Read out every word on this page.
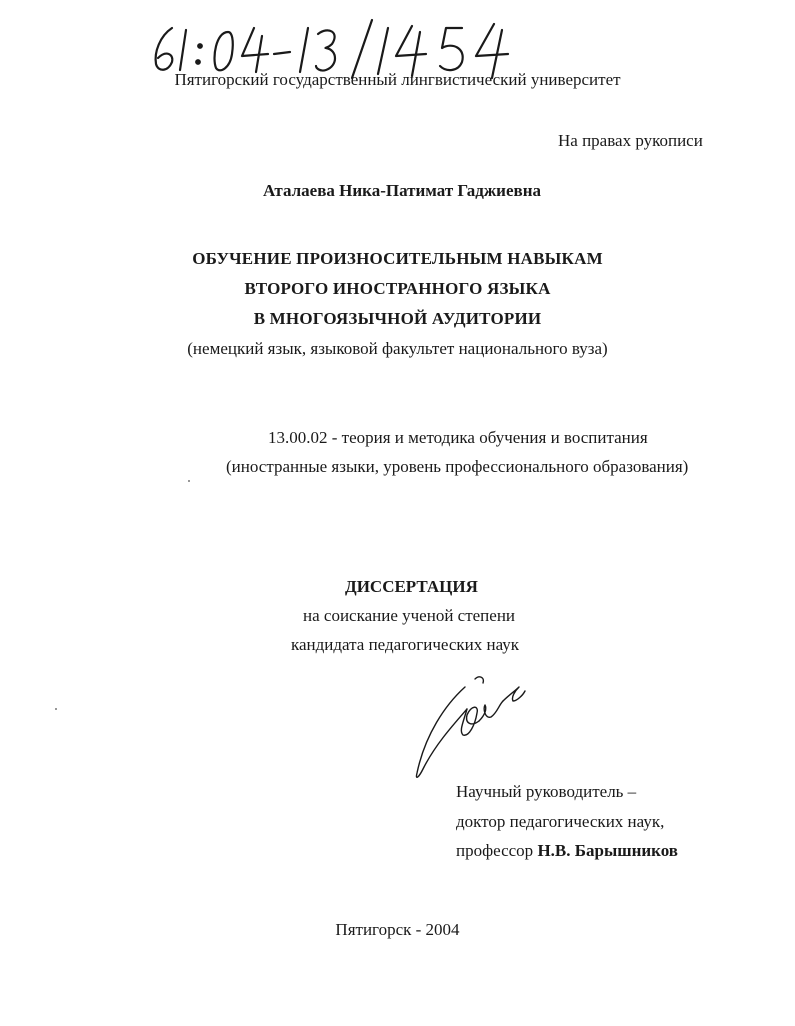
Пятигорский государственный лингвистический университет
На правах рукописи
Аталаева Ника-Патимат Гаджиевна
ОБУЧЕНИЕ ПРОИЗНОСИТЕЛЬНЫМ НАВЫКАМ
ВТОРОГО ИНОСТРАННОГО ЯЗЫКА
В МНОГОЯЗЫЧНОЙ АУДИТОРИИ
(немецкий язык, языковой факультет национального вуза)
13.00.02 - теория и методика обучения и воспитания
(иностранные языки, уровень профессионального образования)
ДИССЕРТАЦИЯ
на соискание ученой степени
кандидата педагогических наук
Научный руководитель –
доктор педагогических наук,
профессор Н.В. Барышников
Пятигорск - 2004
